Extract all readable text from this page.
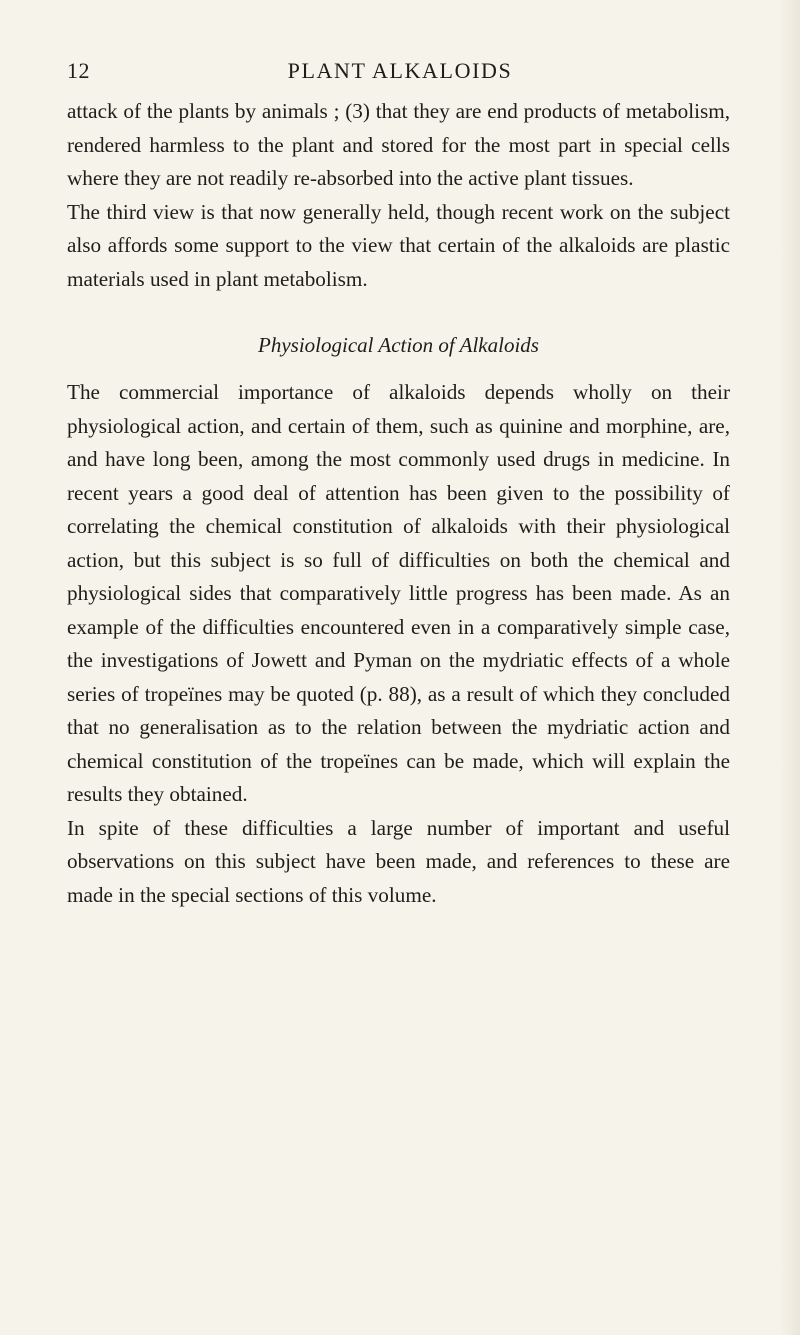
12	PLANT ALKALOIDS

attack of the plants by animals ; (3) that they are end products of metabolism, rendered harmless to the plant and stored for the most part in special cells where they are not readily re-absorbed into the active plant tissues.

The third view is that now generally held, though recent work on the subject also affords some support to the view that certain of the alkaloids are plastic materials used in plant metabolism.

Physiological Action of Alkaloids

The commercial importance of alkaloids depends wholly on their physiological action, and certain of them, such as quinine and morphine, are, and have long been, among the most commonly used drugs in medicine. In recent years a good deal of attention has been given to the possibility of correlating the chemical constitution of alkaloids with their physiological action, but this subject is so full of difficulties on both the chemical and physiological sides that comparatively little progress has been made. As an example of the difficulties encountered even in a comparatively simple case, the investigations of Jowett and Pyman on the mydriatic effects of a whole series of tropeïnes may be quoted (p. 88), as a result of which they concluded that no generalisation as to the relation between the mydriatic action and chemical constitution of the tropeïnes can be made, which will explain the results they obtained.

In spite of these difficulties a large number of important and useful observations on this subject have been made, and references to these are made in the special sections of this volume.
